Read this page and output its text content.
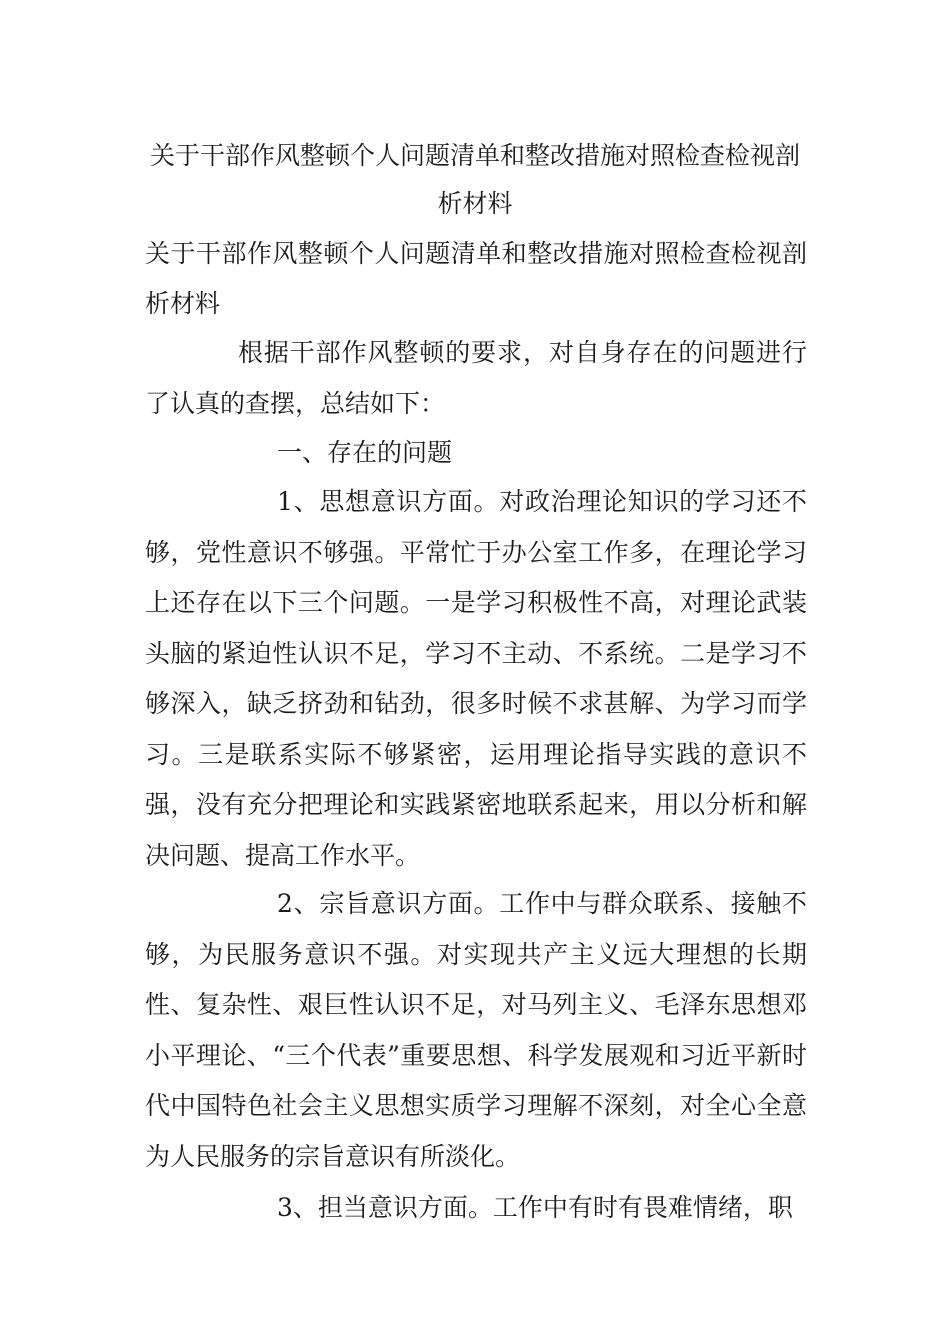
关于干部作风整顿个人问题清单和整改措施对照检查检视剖析材料

关于干部作风整顿个人问题清单和整改措施对照检查检视剖析材料

根据干部作风整顿的要求，对自身存在的问题进行了认真的查摆，总结如下：

一、存在的问题

1、思想意识方面。对政治理论知识的学习还不够，党性意识不够强。平常忙于办公室工作多，在理论学习上还存在以下三个问题。一是学习积极性不高，对理论武装头脑的紧迫性认识不足，学习不主动、不系统。二是学习不够深入，缺乏挤劲和钻劲，很多时候不求甚解、为学习而学习。三是联系实际不够紧密，运用理论指导实践的意识不强，没有充分把理论和实践紧密地联系起来，用以分析和解决问题、提高工作水平。

2、宗旨意识方面。工作中与群众联系、接触不够，为民服务意识不强。对实现共产主义远大理想的长期性、复杂性、艰巨性认识不足，对马列主义、毛泽东思想邓小平理论、“三个代表”重要思想、科学发展观和习近平新时代中国特色社会主义思想实质学习理解不深刻，对全心全意为人民服务的宗旨意识有所淡化。

3、担当意识方面。工作中有时有畏难情绪，职
